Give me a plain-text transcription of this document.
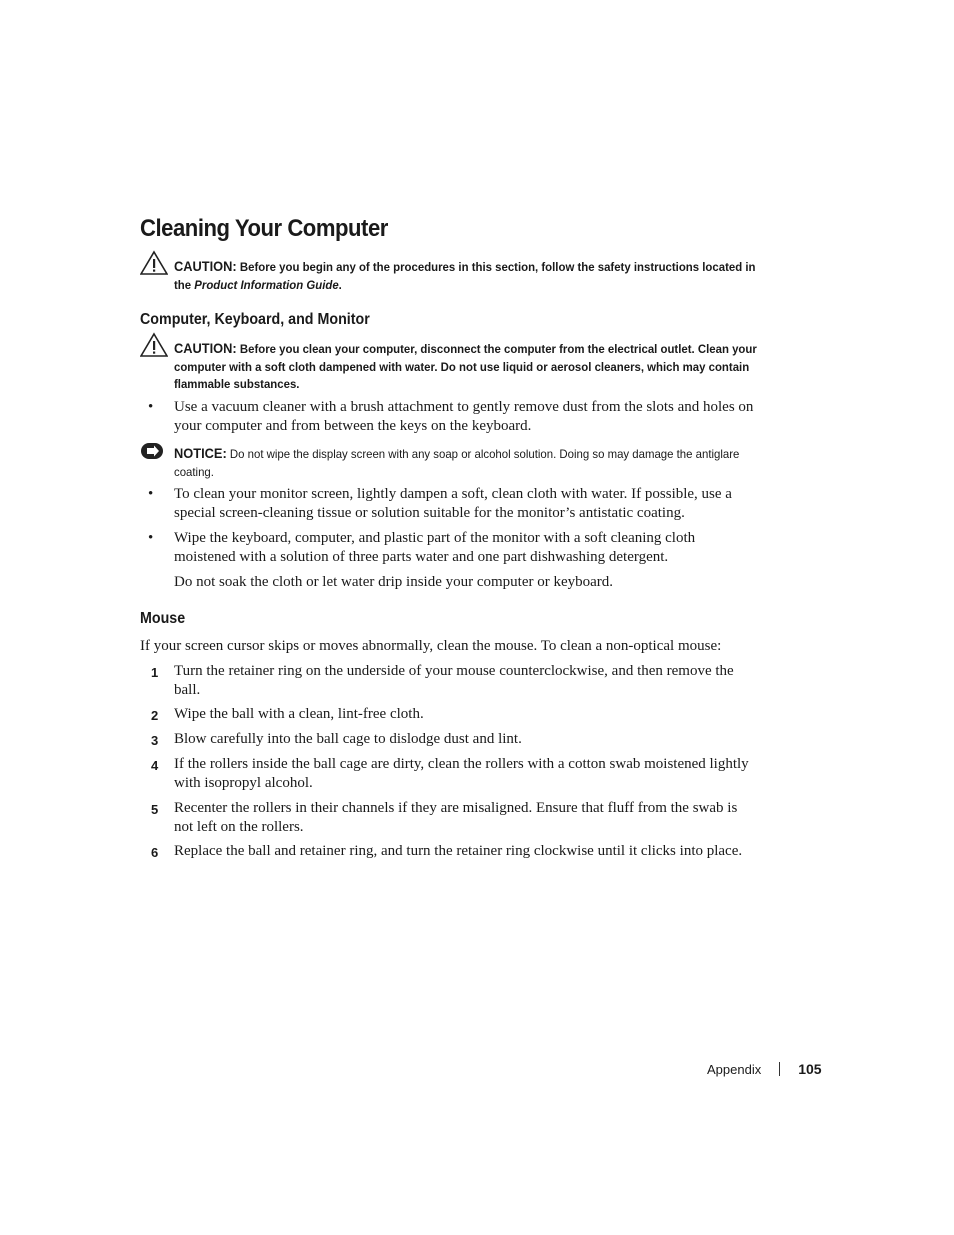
Cleaning Your Computer
CAUTION: Before you begin any of the procedures in this section, follow the safety instructions located in the Product Information Guide.
Computer, Keyboard, and Monitor
CAUTION: Before you clean your computer, disconnect the computer from the electrical outlet. Clean your computer with a soft cloth dampened with water. Do not use liquid or aerosol cleaners, which may contain flammable substances.
• Use a vacuum cleaner with a brush attachment to gently remove dust from the slots and holes on your computer and from between the keys on the keyboard.
NOTICE: Do not wipe the display screen with any soap or alcohol solution. Doing so may damage the antiglare coating.
• To clean your monitor screen, lightly dampen a soft, clean cloth with water. If possible, use a special screen-cleaning tissue or solution suitable for the monitor’s antistatic coating.
• Wipe the keyboard, computer, and plastic part of the monitor with a soft cleaning cloth moistened with a solution of three parts water and one part dishwashing detergent.
Do not soak the cloth or let water drip inside your computer or keyboard.
Mouse
If your screen cursor skips or moves abnormally, clean the mouse. To clean a non-optical mouse:
1 Turn the retainer ring on the underside of your mouse counterclockwise, and then remove the ball.
2 Wipe the ball with a clean, lint-free cloth.
3 Blow carefully into the ball cage to dislodge dust and lint.
4 If the rollers inside the ball cage are dirty, clean the rollers with a cotton swab moistened lightly with isopropyl alcohol.
5 Recenter the rollers in their channels if they are misaligned. Ensure that fluff from the swab is not left on the rollers.
6 Replace the ball and retainer ring, and turn the retainer ring clockwise until it clicks into place.
Appendix	105
